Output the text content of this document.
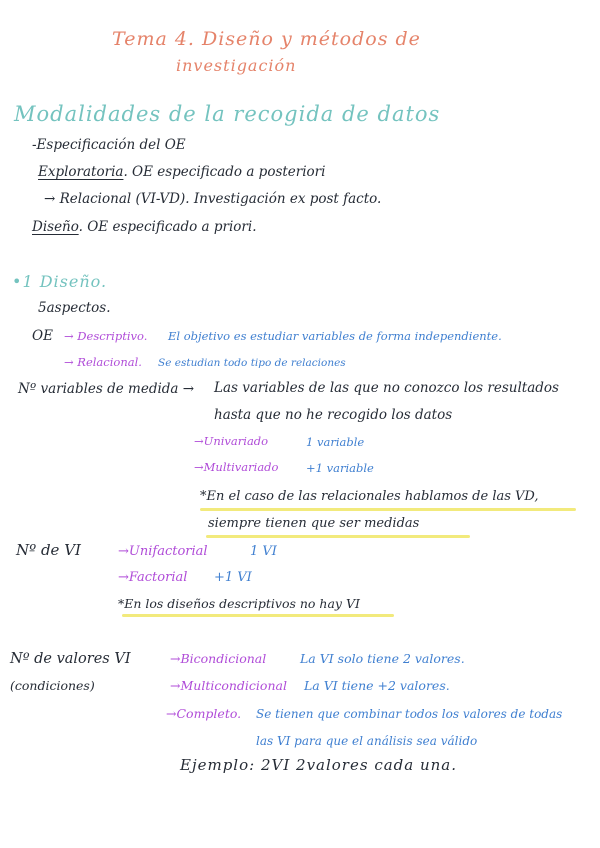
Tema 4. Diseño y métodos de
investigación
Modalidades de la recogida de datos
-Especificación del OE
Exploratoria. OE especificado a posteriori
→ Relacional (VI-VD). Investigación ex post facto.
Diseño. OE especificado a priori.
•1 Diseño.
5aspectos.
OE → Descriptivo. El objetivo es estudiar variables de forma independiente.
→ Relacional. Se estudian todo tipo de relaciones
Nº variables de medida → Las variables de las que no conozco los resultados
hasta que no he recogido los datos
→Univariado	1 variable
→Multivariado +1 variable
*En el caso de las relacionales hablamos de las VD,
siempre tienen que ser medidas
Nº de VI	→Unifactorial	1 VI
→Factorial +1 VI
*En los diseños descriptivos no hay VI
Nº de valores VI
(condiciones)
→Bicondicional	La VI solo tiene 2 valores.
→Multicondicional La VI tiene +2 valores.
→Completo. Se tienen que combinar todos los valores de todas
las VI para que el análisis sea válido
Ejemplo: 2VI 2valores cada una.
